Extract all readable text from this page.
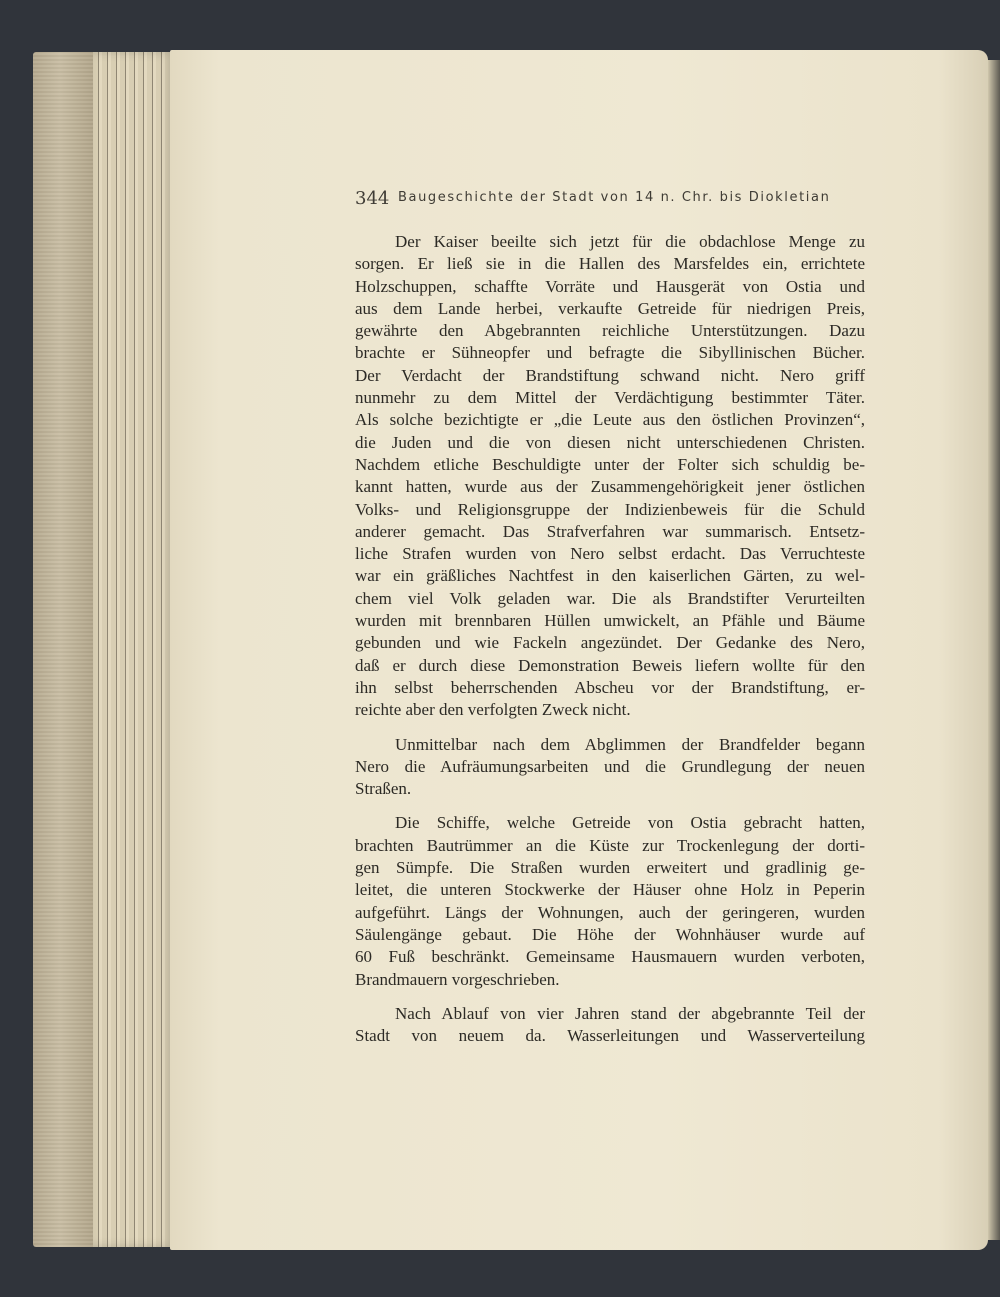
344 Baugeschichte der Stadt von 14 n. Chr. bis Diokletian
Der Kaiser beeilte sich jetzt für die obdachlose Menge zu
sorgen. Er ließ sie in die Hallen des Marsfeldes ein, errichtete
Holzschuppen, schaffte Vorräte und Hausgerät von Ostia und
aus dem Lande herbei, verkaufte Getreide für niedrigen Preis,
gewährte den Abgebrannten reichliche Unterstützungen. Dazu
brachte er Sühneopfer und befragte die Sibyllinischen Bücher.
Der Verdacht der Brandstiftung schwand nicht. Nero griff
nunmehr zu dem Mittel der Verdächtigung bestimmter Täter.
Als solche bezichtigte er „die Leute aus den östlichen Provinzen“,
die Juden und die von diesen nicht unterschiedenen Christen.
Nachdem etliche Beschuldigte unter der Folter sich schuldig be-
kannt hatten, wurde aus der Zusammengehörigkeit jener östlichen
Volks- und Religionsgruppe der Indizienbeweis für die Schuld
anderer gemacht. Das Strafverfahren war summarisch. Entsetz-
liche Strafen wurden von Nero selbst erdacht. Das Verruchteste
war ein gräßliches Nachtfest in den kaiserlichen Gärten, zu wel-
chem viel Volk geladen war. Die als Brandstifter Verurteilten
wurden mit brennbaren Hüllen umwickelt, an Pfähle und Bäume
gebunden und wie Fackeln angezündet. Der Gedanke des Nero,
daß er durch diese Demonstration Beweis liefern wollte für den
ihn selbst beherrschenden Abscheu vor der Brandstiftung, er-
reichte aber den verfolgten Zweck nicht.
Unmittelbar nach dem Abglimmen der Brandfelder begann
Nero die Aufräumungsarbeiten und die Grundlegung der neuen
Straßen.
Die Schiffe, welche Getreide von Ostia gebracht hatten,
brachten Bautrümmer an die Küste zur Trockenlegung der dorti-
gen Sümpfe. Die Straßen wurden erweitert und gradlinig ge-
leitet, die unteren Stockwerke der Häuser ohne Holz in Peperin
aufgeführt. Längs der Wohnungen, auch der geringeren, wurden
Säulengänge gebaut. Die Höhe der Wohnhäuser wurde auf
60 Fuß beschränkt. Gemeinsame Hausmauern wurden verboten,
Brandmauern vorgeschrieben.
Nach Ablauf von vier Jahren stand der abgebrannte Teil der
Stadt von neuem da. Wasserleitungen und Wasserverteilung
